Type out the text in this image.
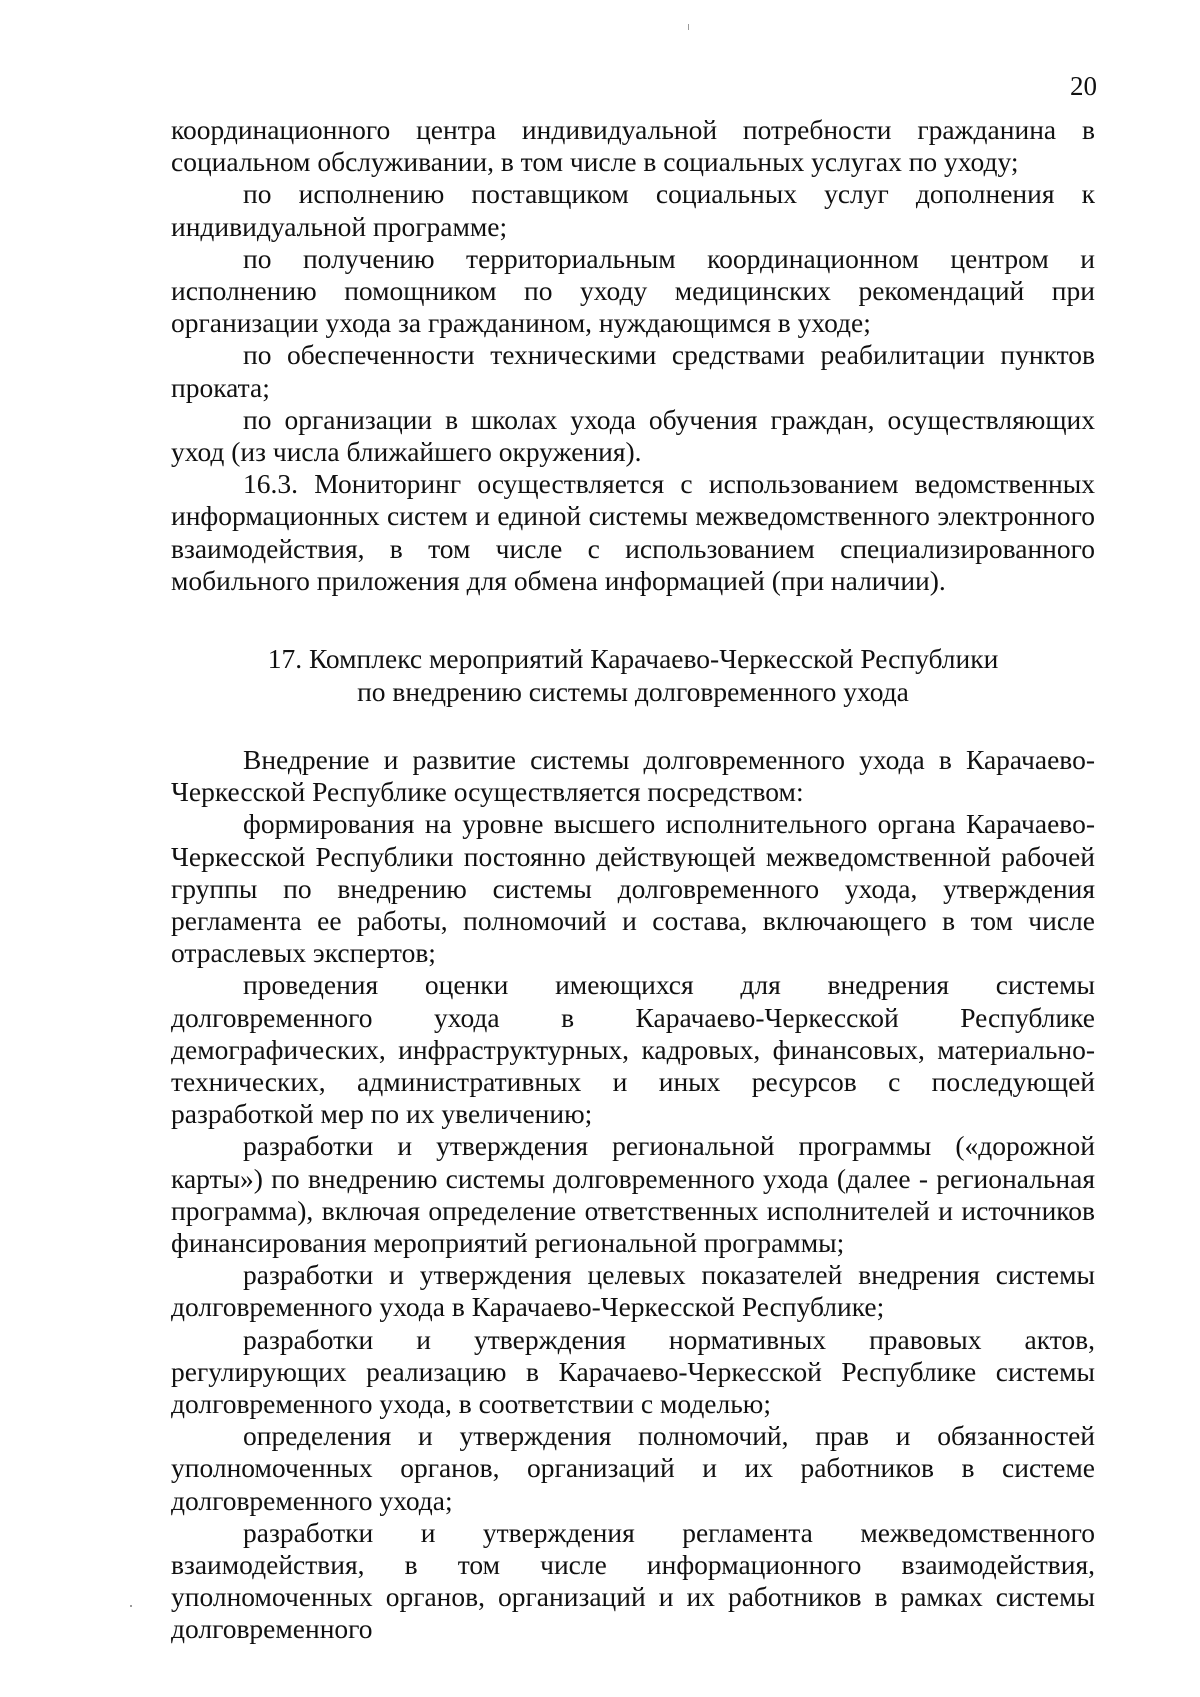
20

координационного центра индивидуальной потребности гражданина в социальном обслуживании, в том числе в социальных услугах по уходу;

по исполнению поставщиком социальных услуг дополнения к индивидуальной программе;

по получению территориальным координационном центром и исполнению помощником по уходу медицинских рекомендаций при организации ухода за гражданином, нуждающимся в уходе;

по обеспеченности техническими средствами реабилитации пунктов проката;

по организации в школах ухода обучения граждан, осуществляющих уход (из числа ближайшего окружения).

16.3. Мониторинг осуществляется с использованием ведомственных информационных систем и единой системы межведомственного электронного взаимодействия, в том числе с использованием специализированного мобильного приложения для обмена информацией (при наличии).

17. Комплекс мероприятий Карачаево-Черкесской Республики
по внедрению системы долговременного ухода

Внедрение и развитие системы долговременного ухода в Карачаево-Черкесской Республике осуществляется посредством:

формирования на уровне высшего исполнительного органа Карачаево-Черкесской Республики постоянно действующей межведомственной рабочей группы по внедрению системы долговременного ухода, утверждения регламента ее работы, полномочий и состава, включающего в том числе отраслевых экспертов;

проведения оценки имеющихся для внедрения системы долговременного ухода в Карачаево-Черкесской Республике демографических, инфраструктурных, кадровых, финансовых, материально-технических, административных и иных ресурсов с последующей разработкой мер по их увеличению;

разработки и утверждения региональной программы («дорожной карты») по внедрению системы долговременного ухода (далее - региональная программа), включая определение ответственных исполнителей и источников финансирования мероприятий региональной программы;

разработки и утверждения целевых показателей внедрения системы долговременного ухода в Карачаево-Черкесской Республике;

разработки и утверждения нормативных правовых актов, регулирующих реализацию в Карачаево-Черкесской Республике системы долговременного ухода, в соответствии с моделью;

определения и утверждения полномочий, прав и обязанностей уполномоченных органов, организаций и их работников в системе долговременного ухода;

разработки и утверждения регламента межведомственного взаимодействия, в том числе информационного взаимодействия, уполномоченных органов, организаций и их работников в рамках системы долговременного
